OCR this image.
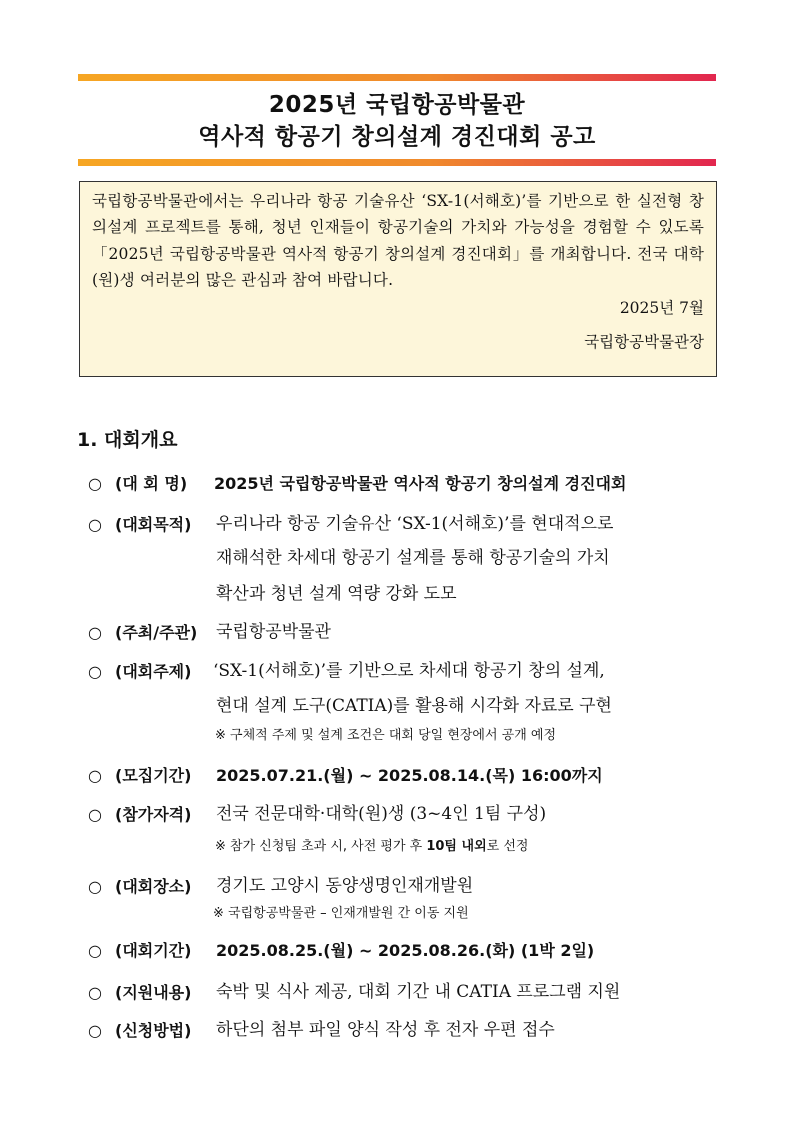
2025년 국립항공박물관
역사적 항공기 창의설계 경진대회 공고
국립항공박물관에서는 우리나라 항공 기술유산 ‘SX-1(서해호)’를 기반으로 한 실전형 창의설계 프로젝트를 통해, 청년 인재들이 항공기술의 가치와 가능성을 경험할 수 있도록「2025년 국립항공박물관 역사적 항공기 창의설계 경진대회」를 개최합니다. 전국 대학(원)생 여러분의 많은 관심과 참여 바랍니다.
2025년 7월
국립항공박물관장
1. 대회개요
○ (대 회 명) 2025년 국립항공박물관 역사적 항공기 창의설계 경진대회
○ (대회목적) 우리나라 항공 기술유산 ‘SX-1(서해호)’를 현대적으로
재해석한 차세대 항공기 설계를 통해 항공기술의 가치
확산과 청년 설계 역량 강화 도모
○ (주최/주관) 국립항공박물관
○ (대회주제) ‘SX-1(서해호)’를 기반으로 차세대 항공기 창의 설계,
현대 설계 도구(CATIA)를 활용해 시각화 자료로 구현
※ 구체적 주제 및 설계 조건은 대회 당일 현장에서 공개 예정
○ (모집기간) 2025.07.21.(월) ~ 2025.08.14.(목) 16:00까지
○ (참가자격) 전국 전문대학·대학(원)생 (3~4인 1팀 구성)
※ 참가 신청팀 초과 시, 사전 평가 후 10팀 내외로 선정
○ (대회장소) 경기도 고양시 동양생명인재개발원
※ 국립항공박물관 – 인재개발원 간 이동 지원
○ (대회기간) 2025.08.25.(월) ~ 2025.08.26.(화) (1박 2일)
○ (지원내용) 숙박 및 식사 제공, 대회 기간 내 CATIA 프로그램 지원
○ (신청방법) 하단의 첨부 파일 양식 작성 후 전자 우편 접수
